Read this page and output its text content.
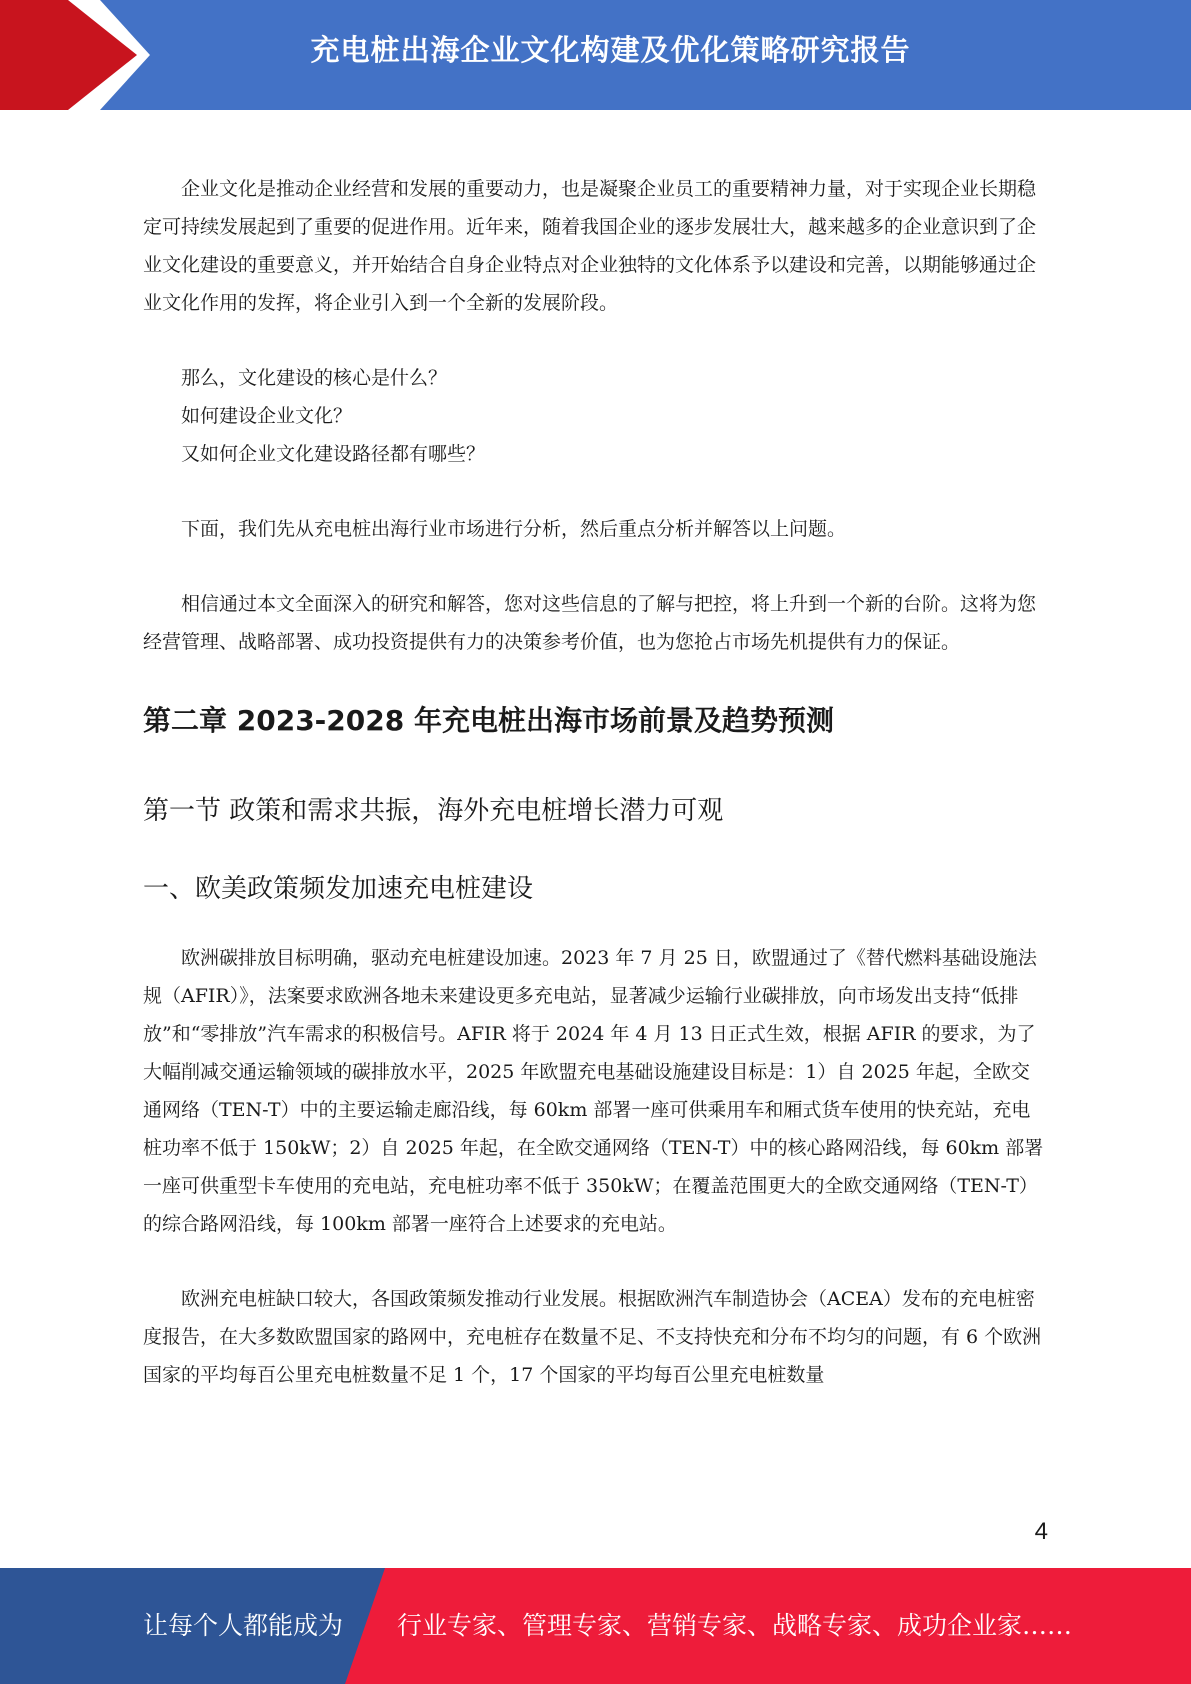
充电桩出海企业文化构建及优化策略研究报告

企业文化是推动企业经营和发展的重要动力，也是凝聚企业员工的重要精神力量，对于实现企业长期稳定可持续发展起到了重要的促进作用。近年来，随着我国企业的逐步发展壮大，越来越多的企业意识到了企业文化建设的重要意义，并开始结合自身企业特点对企业独特的文化体系予以建设和完善，以期能够通过企业文化作用的发挥，将企业引入到一个全新的发展阶段。

那么，文化建设的核心是什么？

如何建设企业文化？

又如何企业文化建设路径都有哪些？

下面，我们先从充电桩出海行业市场进行分析，然后重点分析并解答以上问题。

相信通过本文全面深入的研究和解答，您对这些信息的了解与把控，将上升到一个新的台阶。这将为您经营管理、战略部署、成功投资提供有力的决策参考价值，也为您抢占市场先机提供有力的保证。

第二章 2023-2028 年充电桩出海市场前景及趋势预测
第一节 政策和需求共振，海外充电桩增长潜力可观
一、欧美政策频发加速充电桩建设

欧洲碳排放目标明确，驱动充电桩建设加速。2023 年 7 月 25 日，欧盟通过了《替代燃料基础设施法规（AFIR）》，法案要求欧洲各地未来建设更多充电站，显著减少运输行业碳排放，向市场发出支持“低排放”和“零排放”汽车需求的积极信号。AFIR 将于 2024 年 4 月 13 日正式生效，根据 AFIR 的要求，为了大幅削减交通运输领域的碳排放水平，2025 年欧盟充电基础设施建设目标是：1）自 2025 年起，全欧交通网络（TEN-T）中的主要运输走廊沿线，每 60km 部署一座可供乘用车和厢式货车使用的快充站，充电桩功率不低于 150kW；2）自 2025 年起，在全欧交通网络（TEN-T）中的核心路网沿线，每 60km 部署一座可供重型卡车使用的充电站，充电桩功率不低于 350kW；在覆盖范围更大的全欧交通网络（TEN-T）的综合路网沿线，每 100km 部署一座符合上述要求的充电站。

欧洲充电桩缺口较大，各国政策频发推动行业发展。根据欧洲汽车制造协会（ACEA）发布的充电桩密度报告，在大多数欧盟国家的路网中，充电桩存在数量不足、不支持快充和分布不均匀的问题，有 6 个欧洲国家的平均每百公里充电桩数量不足 1 个，17 个国家的平均每百公里充电桩数量

4
让每个人都能成为 行业专家、管理专家、营销专家、战略专家、成功企业家……
